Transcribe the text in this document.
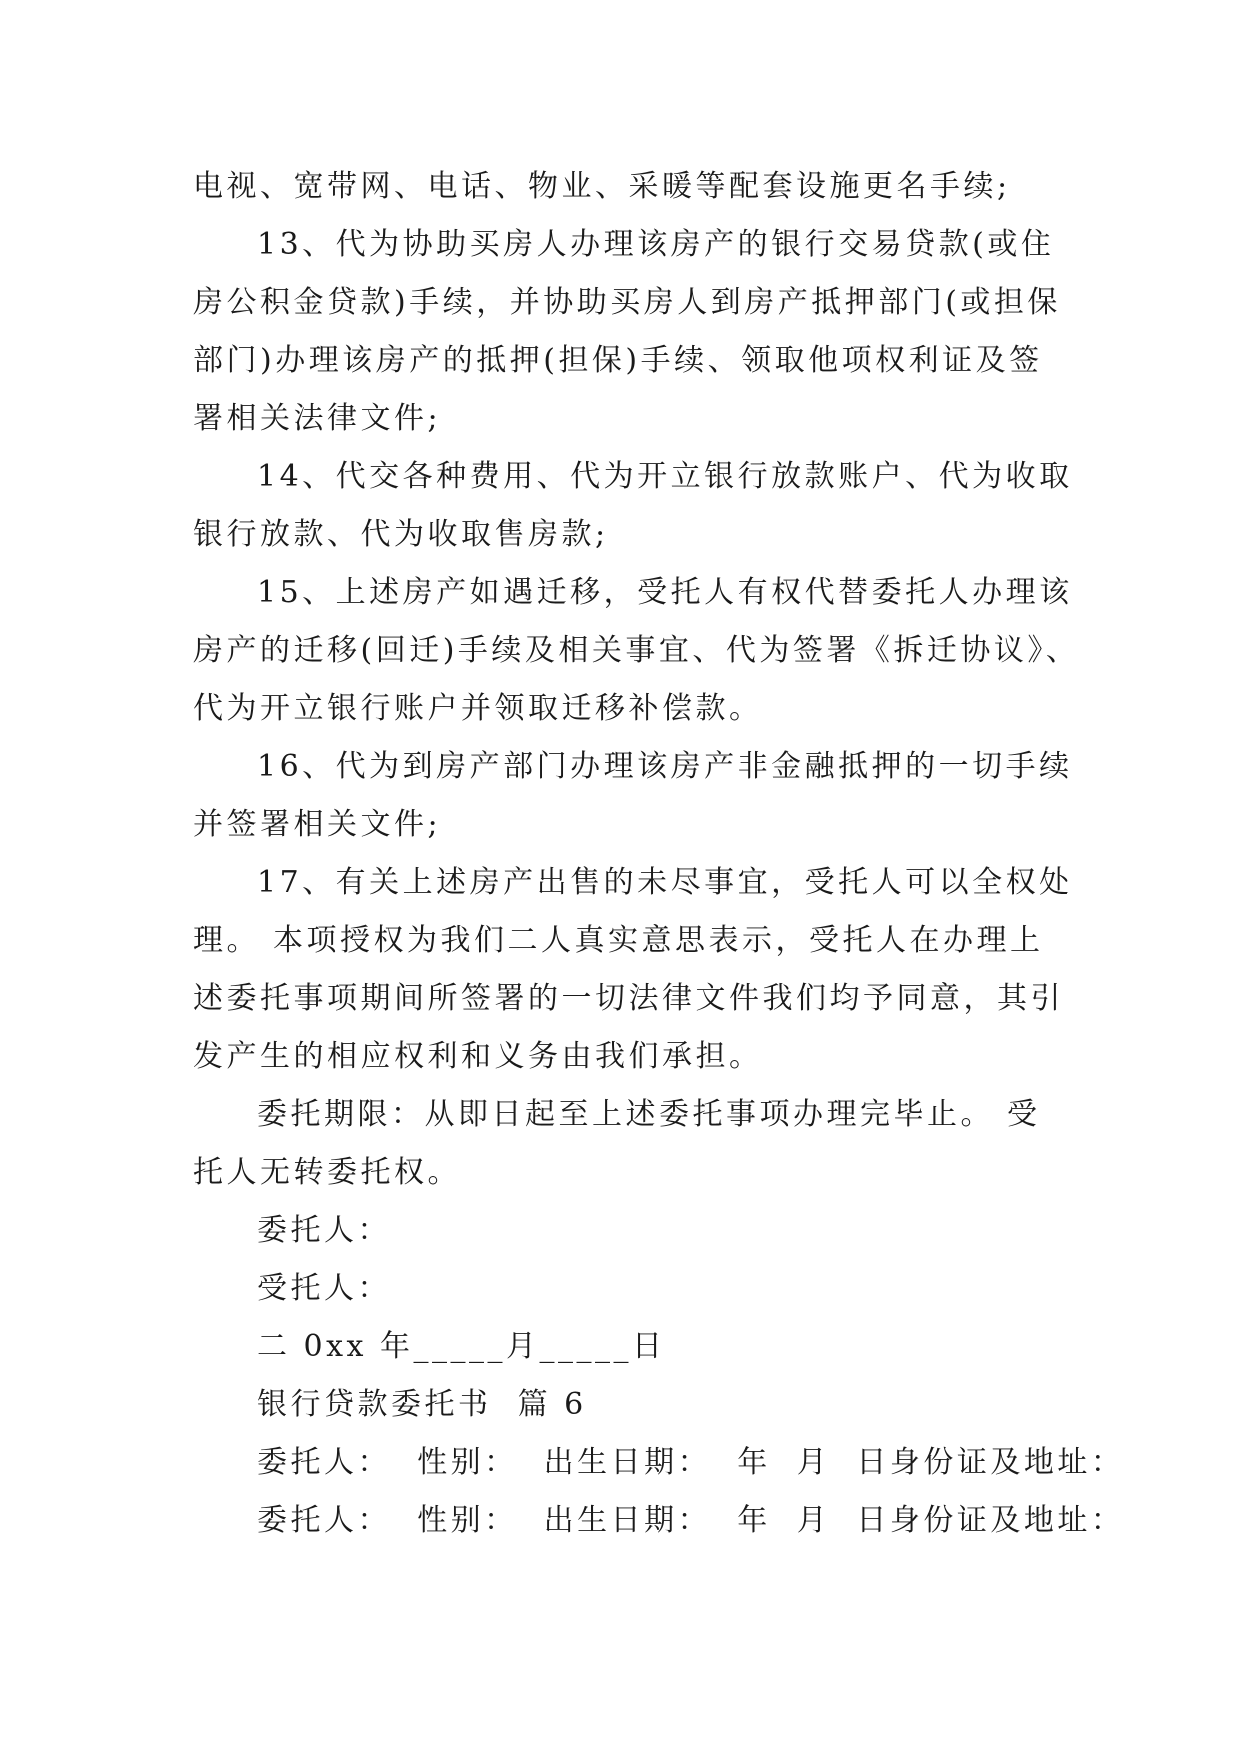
电视、宽带网、电话、物业、采暖等配套设施更名手续;
13、代为协助买房人办理该房产的银行交易贷款(或住
房公积金贷款)手续，并协助买房人到房产抵押部门(或担保
部门)办理该房产的抵押(担保)手续、领取他项权利证及签
署相关法律文件;
14、代交各种费用、代为开立银行放款账户、代为收取
银行放款、代为收取售房款;
15、上述房产如遇迁移，受托人有权代替委托人办理该
房产的迁移(回迁)手续及相关事宜、代为签署《拆迁协议》、
代为开立银行账户并领取迁移补偿款。
16、代为到房产部门办理该房产非金融抵押的一切手续
并签署相关文件;
17、有关上述房产出售的未尽事宜，受托人可以全权处
理。 本项授权为我们二人真实意思表示，受托人在办理上
述委托事项期间所签署的一切法律文件我们均予同意，其引
发产生的相应权利和义务由我们承担。
委托期限：从即日起至上述委托事项办理完毕止。 受
托人无转委托权。
委托人：
受托人：
二 0xx 年_____月_____日
银行贷款委托书  篇 6
委托人：  性别：  出生日期：  年  月  日身份证及地址：
委托人：  性别：  出生日期：  年  月  日身份证及地址：
